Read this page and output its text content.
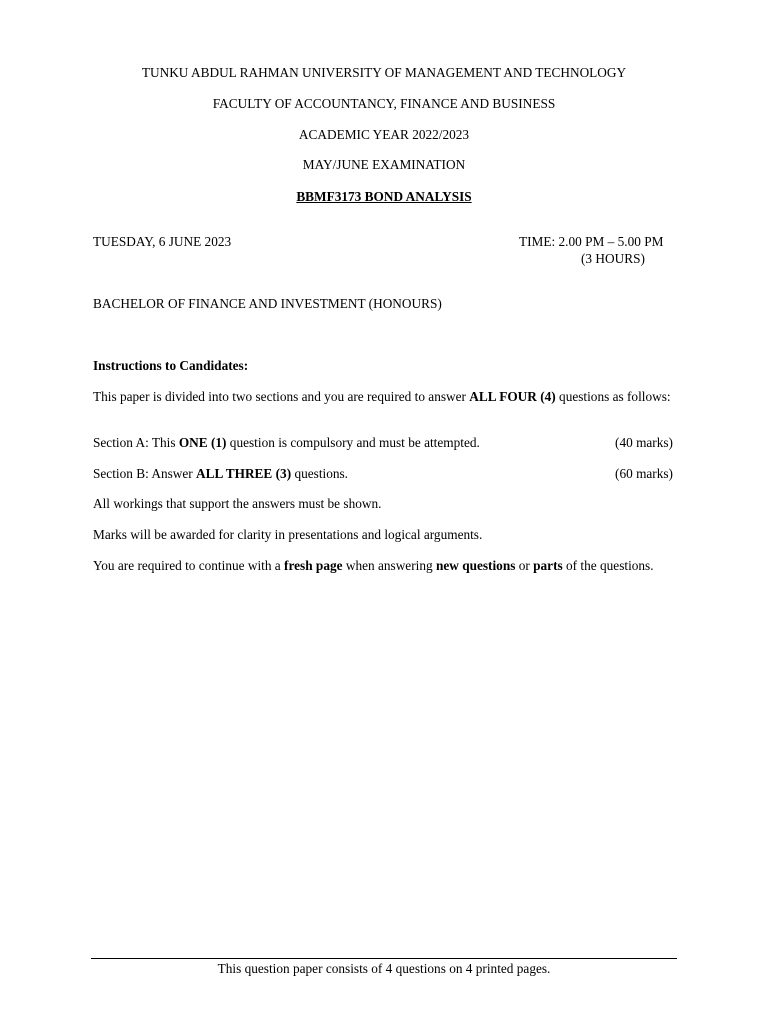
TUNKU ABDUL RAHMAN UNIVERSITY OF MANAGEMENT AND TECHNOLOGY
FACULTY OF ACCOUNTANCY, FINANCE AND BUSINESS
ACADEMIC YEAR 2022/2023
MAY/JUNE EXAMINATION
BBMF3173 BOND ANALYSIS
TUESDAY, 6 JUNE 2023	TIME: 2.00 PM – 5.00 PM
(3 HOURS)
BACHELOR OF FINANCE AND INVESTMENT (HONOURS)
Instructions to Candidates:
This paper is divided into two sections and you are required to answer ALL FOUR (4) questions as follows:
Section A: This ONE (1) question is compulsory and must be attempted.	(40 marks)
Section B: Answer ALL THREE (3) questions.	(60 marks)
All workings that support the answers must be shown.
Marks will be awarded for clarity in presentations and logical arguments.
You are required to continue with a fresh page when answering new questions or parts of the questions.
This question paper consists of 4 questions on 4 printed pages.
